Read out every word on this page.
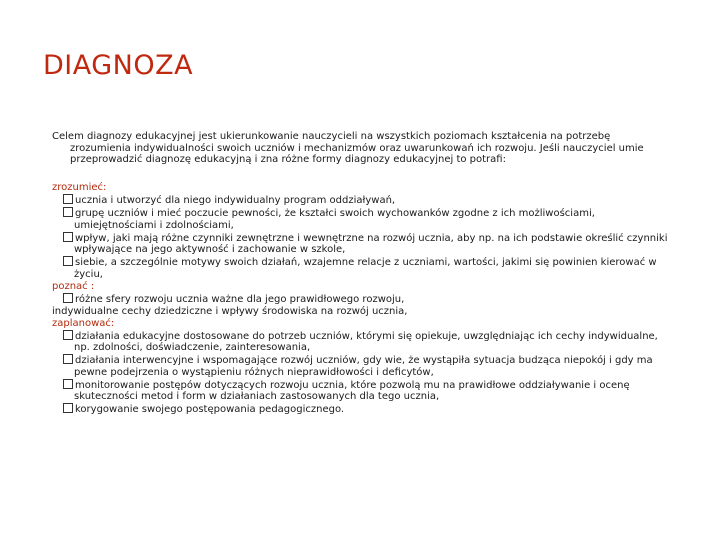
DIAGNOZA

Celem diagnozy edukacyjnej jest ukierunkowanie nauczycieli na wszystkich poziomach kształcenia na potrzebę zrozumienia indywidualności swoich uczniów i mechanizmów oraz uwarunkowań ich rozwoju. Jeśli nauczyciel umie przeprowadzić diagnozę edukacyjną i zna różne formy diagnozy edukacyjnej to potrafi:

zrozumieć:

ucznia i utworzyć dla niego indywidualny program oddziaływań,

grupę uczniów i mieć poczucie pewności, że kształci swoich wychowanków zgodne z ich możliwościami, umiejętnościami i zdolnościami,

wpływ, jaki mają różne czynniki zewnętrzne i wewnętrzne na rozwój ucznia, aby np. na ich podstawie określić czynniki wpływające na jego aktywność i zachowanie w szkole,

siebie, a szczególnie motywy swoich działań, wzajemne relacje z uczniami, wartości, jakimi się powinien kierować w życiu,

poznać :

różne sfery rozwoju ucznia ważne dla jego prawidłowego rozwoju,

indywidualne cechy dziedziczne i wpływy środowiska na rozwój ucznia,

zaplanować:

działania edukacyjne dostosowane do potrzeb uczniów, którymi się opiekuje, uwzględniając ich cechy indywidualne, np. zdolności, doświadczenie, zainteresowania,

działania interwencyjne i wspomagające rozwój uczniów, gdy wie, że wystąpiła sytuacja budząca niepokój i gdy ma pewne podejrzenia o wystąpieniu różnych nieprawidłowości i deficytów,

monitorowanie postępów dotyczących rozwoju ucznia, które pozwolą mu na prawidłowe oddziaływanie i ocenę skuteczności metod i form w działaniach zastosowanych dla tego ucznia,

korygowanie swojego postępowania pedagogicznego.
